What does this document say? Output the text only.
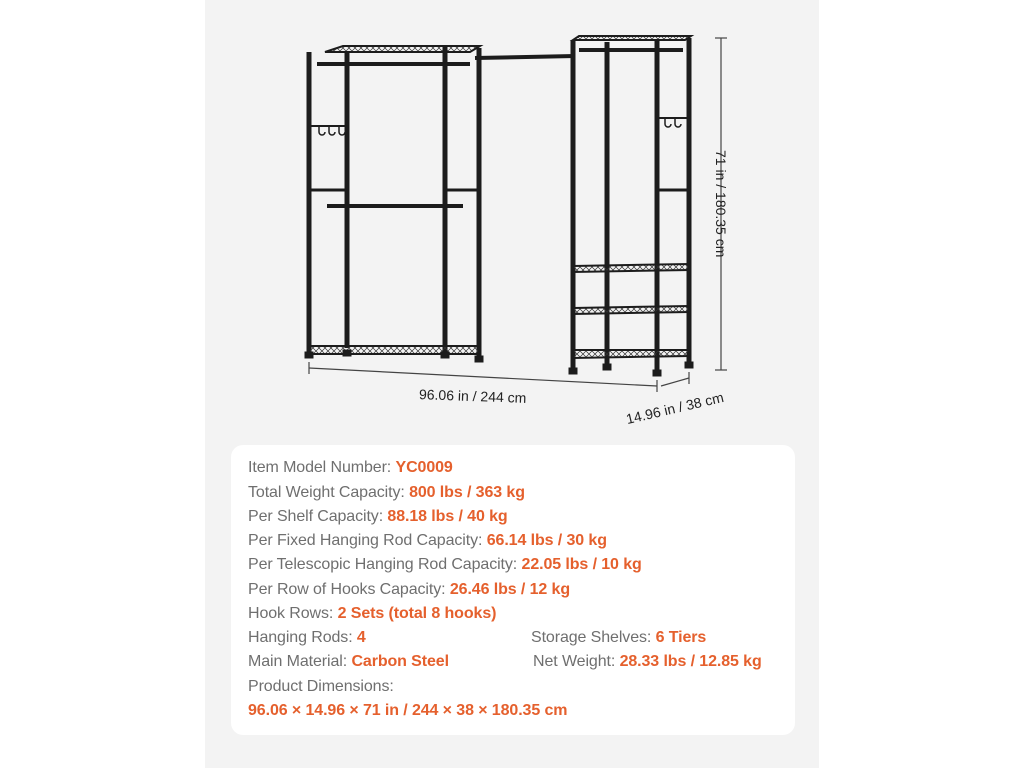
96.06 in / 244 cm	14.96 in / 38 cm
71 in / 180.35 cm
Item Model Number: YC0009
Total Weight Capacity: 800 lbs / 363 kg
Per Shelf Capacity: 88.18 lbs / 40 kg
Per Fixed Hanging Rod Capacity: 66.14 lbs / 30 kg
Per Telescopic Hanging Rod Capacity: 22.05 lbs / 10 kg
Per Row of Hooks Capacity: 26.46 lbs / 12 kg
Hook Rows: 2 Sets (total 8 hooks)
Hanging Rods: 4	Storage Shelves: 6 Tiers
Main Material: Carbon Steel	Net Weight: 28.33 lbs / 12.85 kg
Product Dimensions:
96.06 × 14.96 × 71 in / 244 × 38 × 180.35 cm
